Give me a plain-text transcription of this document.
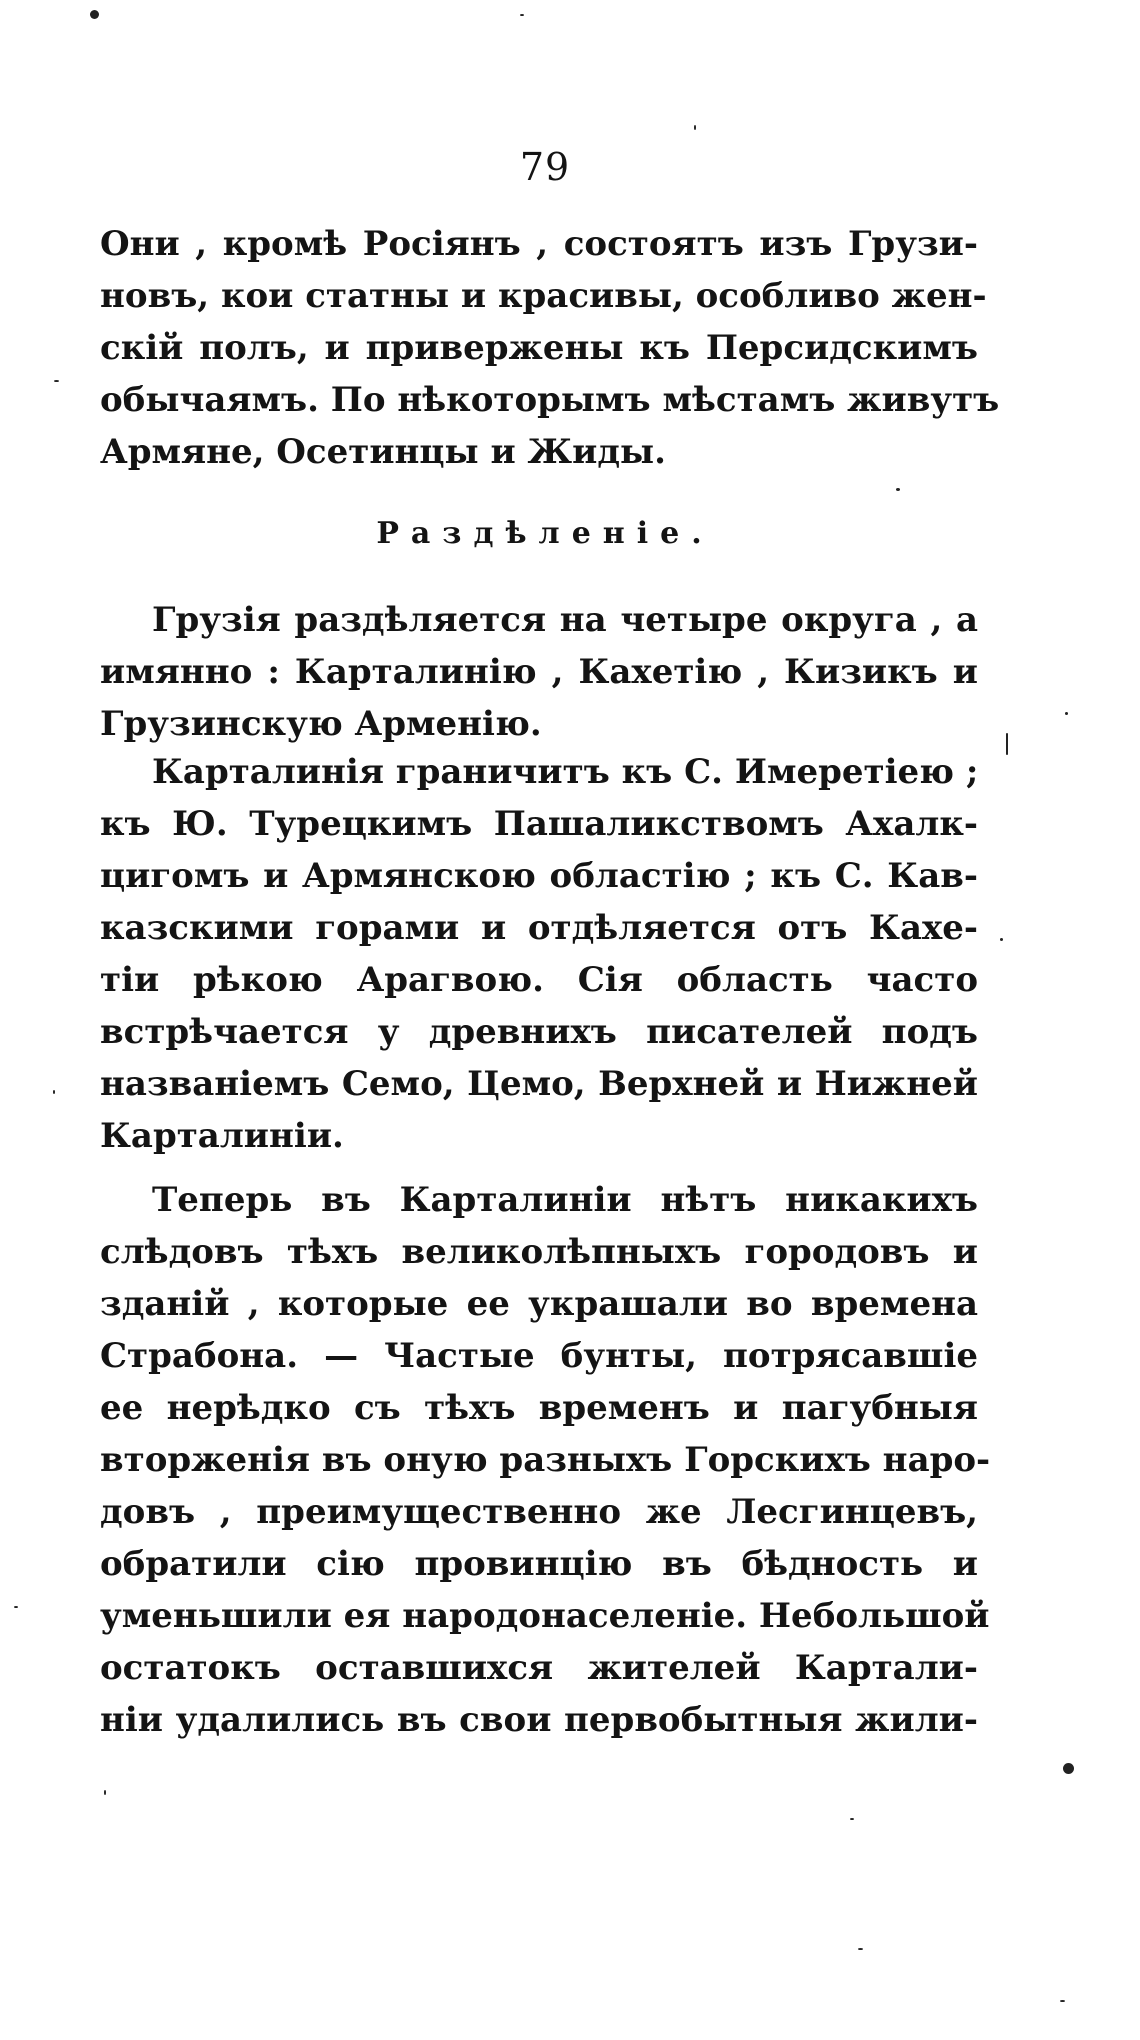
79
Они , кромѣ Росіянъ , состоятъ изъ Грузи-
новъ, кои статны и красивы, особливо жен-
скій полъ, и привержены къ Персидскимъ
обычаямъ. По нѣкоторымъ мѣстамъ живутъ
Армяне, Осетинцы и Жиды.
Раздѣленіе.
Грузія раздѣляется на четыре округа , а
имянно : Карталинію , Кахетію , Кизикъ и
Грузинскую Арменію.
Карталинія граничитъ къ С. Имеретіею ;
къ Ю. Турецкимъ Пашаликствомъ Ахалк-
цигомъ и Армянскою областію ; къ С. Кав-
казскими горами и отдѣляется отъ Кахе-
тіи рѣкою Арагвою. Сія область часто
встрѣчается у древнихъ писателей подъ
названіемъ Семо, Цемо, Верхней и Нижней
Карталиніи.
Теперь въ Карталиніи нѣтъ никакихъ
слѣдовъ тѣхъ великолѣпныхъ городовъ и
зданій , которые ее украшали во времена
Страбона. — Частые бунты, потрясавшіе
ее нерѣдко съ тѣхъ временъ и пагубныя
вторженія въ оную разныхъ Горскихъ наро-
довъ , преимущественно же Лесгинцевъ,
обратили сію провинцію въ бѣдность и
уменьшили ея народонаселеніе. Небольшой
остатокъ оставшихся жителей Картали-
ніи удалились въ свои первобытныя жили-
